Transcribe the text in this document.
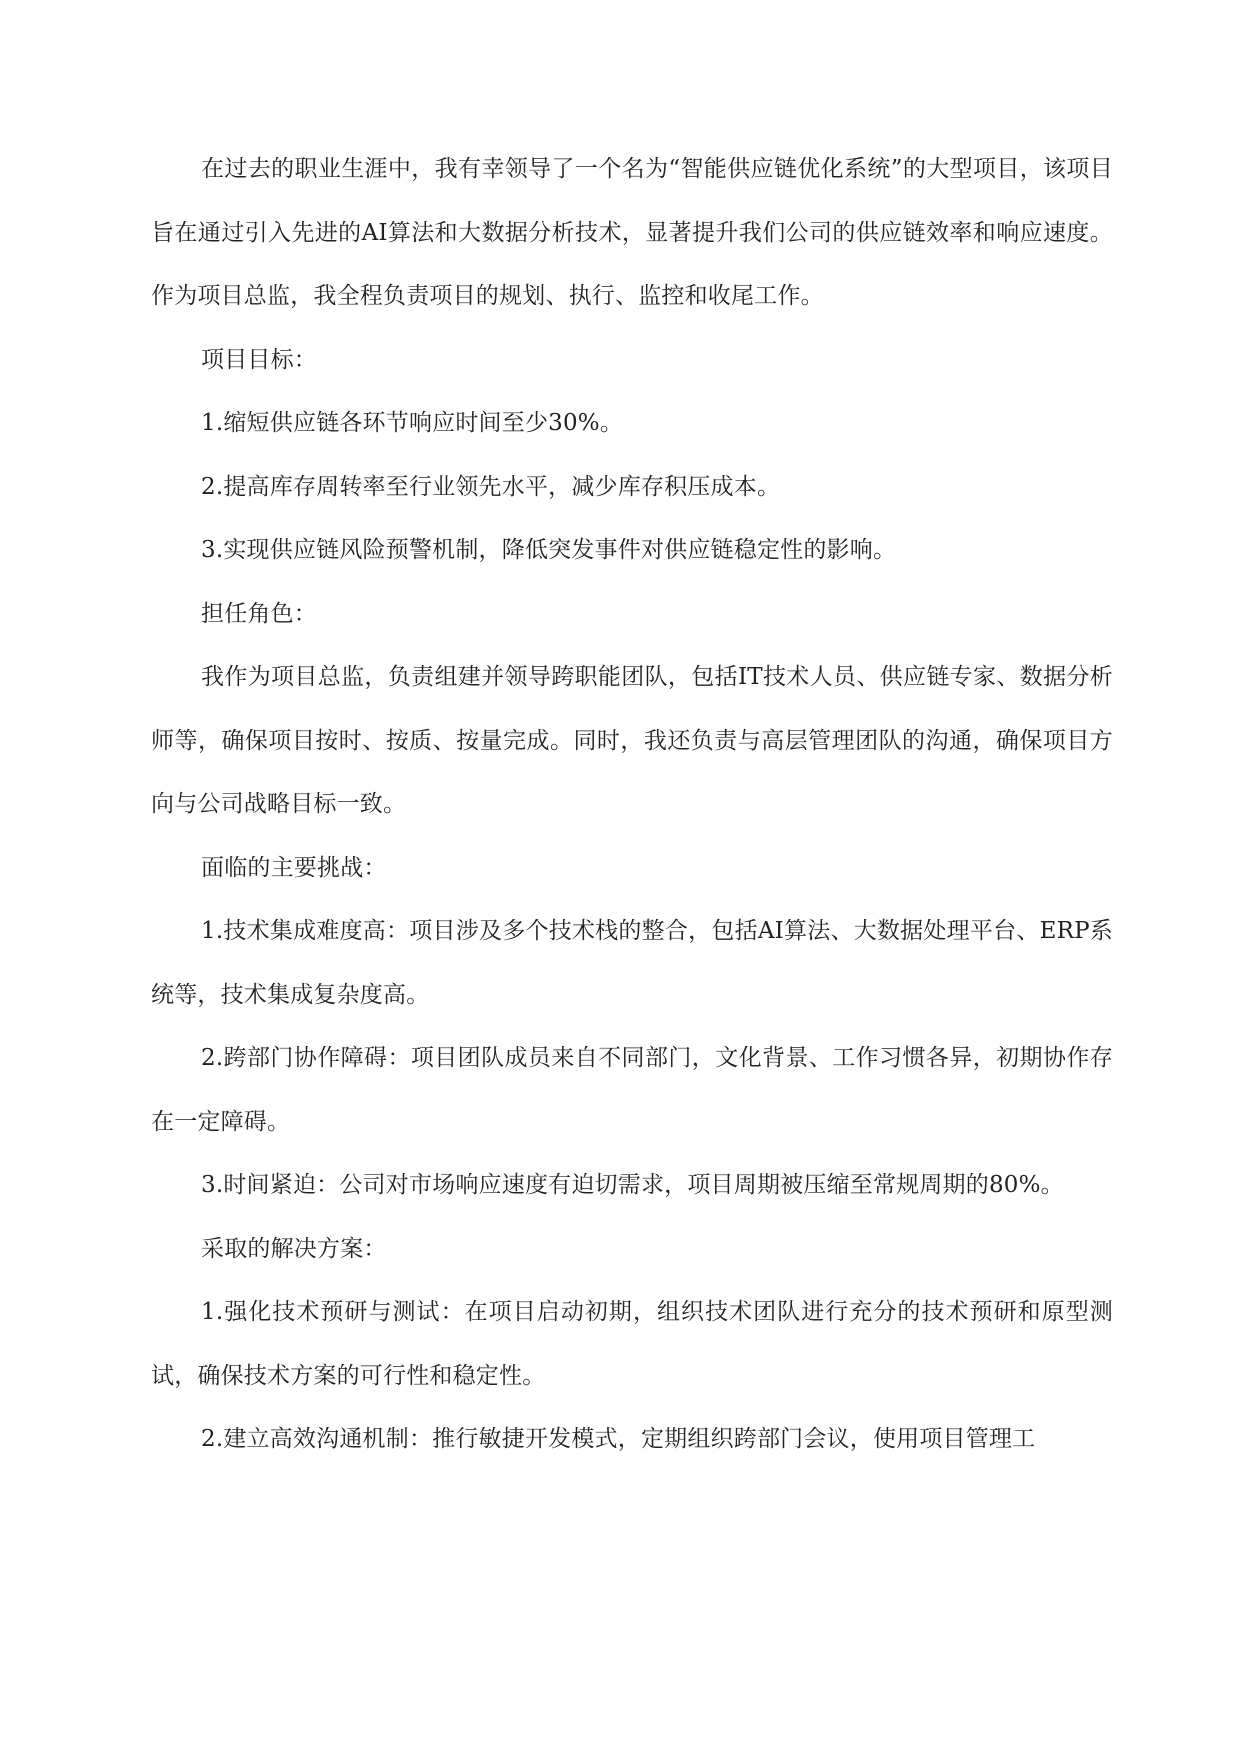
在过去的职业生涯中，我有幸领导了一个名为“智能供应链优化系统”的大型项目，该项目旨在通过引入先进的AI算法和大数据分析技术，显著提升我们公司的供应链效率和响应速度。作为项目总监，我全程负责项目的规划、执行、监控和收尾工作。

项目目标：

1.缩短供应链各环节响应时间至少30%。

2.提高库存周转率至行业领先水平，减少库存积压成本。

3.实现供应链风险预警机制，降低突发事件对供应链稳定性的影响。

担任角色：

我作为项目总监，负责组建并领导跨职能团队，包括IT技术人员、供应链专家、数据分析师等，确保项目按时、按质、按量完成。同时，我还负责与高层管理团队的沟通，确保项目方向与公司战略目标一致。

面临的主要挑战：

1.技术集成难度高：项目涉及多个技术栈的整合，包括AI算法、大数据处理平台、ERP系统等，技术集成复杂度高。

2.跨部门协作障碍：项目团队成员来自不同部门，文化背景、工作习惯各异，初期协作存在一定障碍。

3.时间紧迫：公司对市场响应速度有迫切需求，项目周期被压缩至常规周期的80%。

采取的解决方案：

1.强化技术预研与测试：在项目启动初期，组织技术团队进行充分的技术预研和原型测试，确保技术方案的可行性和稳定性。

2.建立高效沟通机制：推行敏捷开发模式，定期组织跨部门会议，使用项目管理工
